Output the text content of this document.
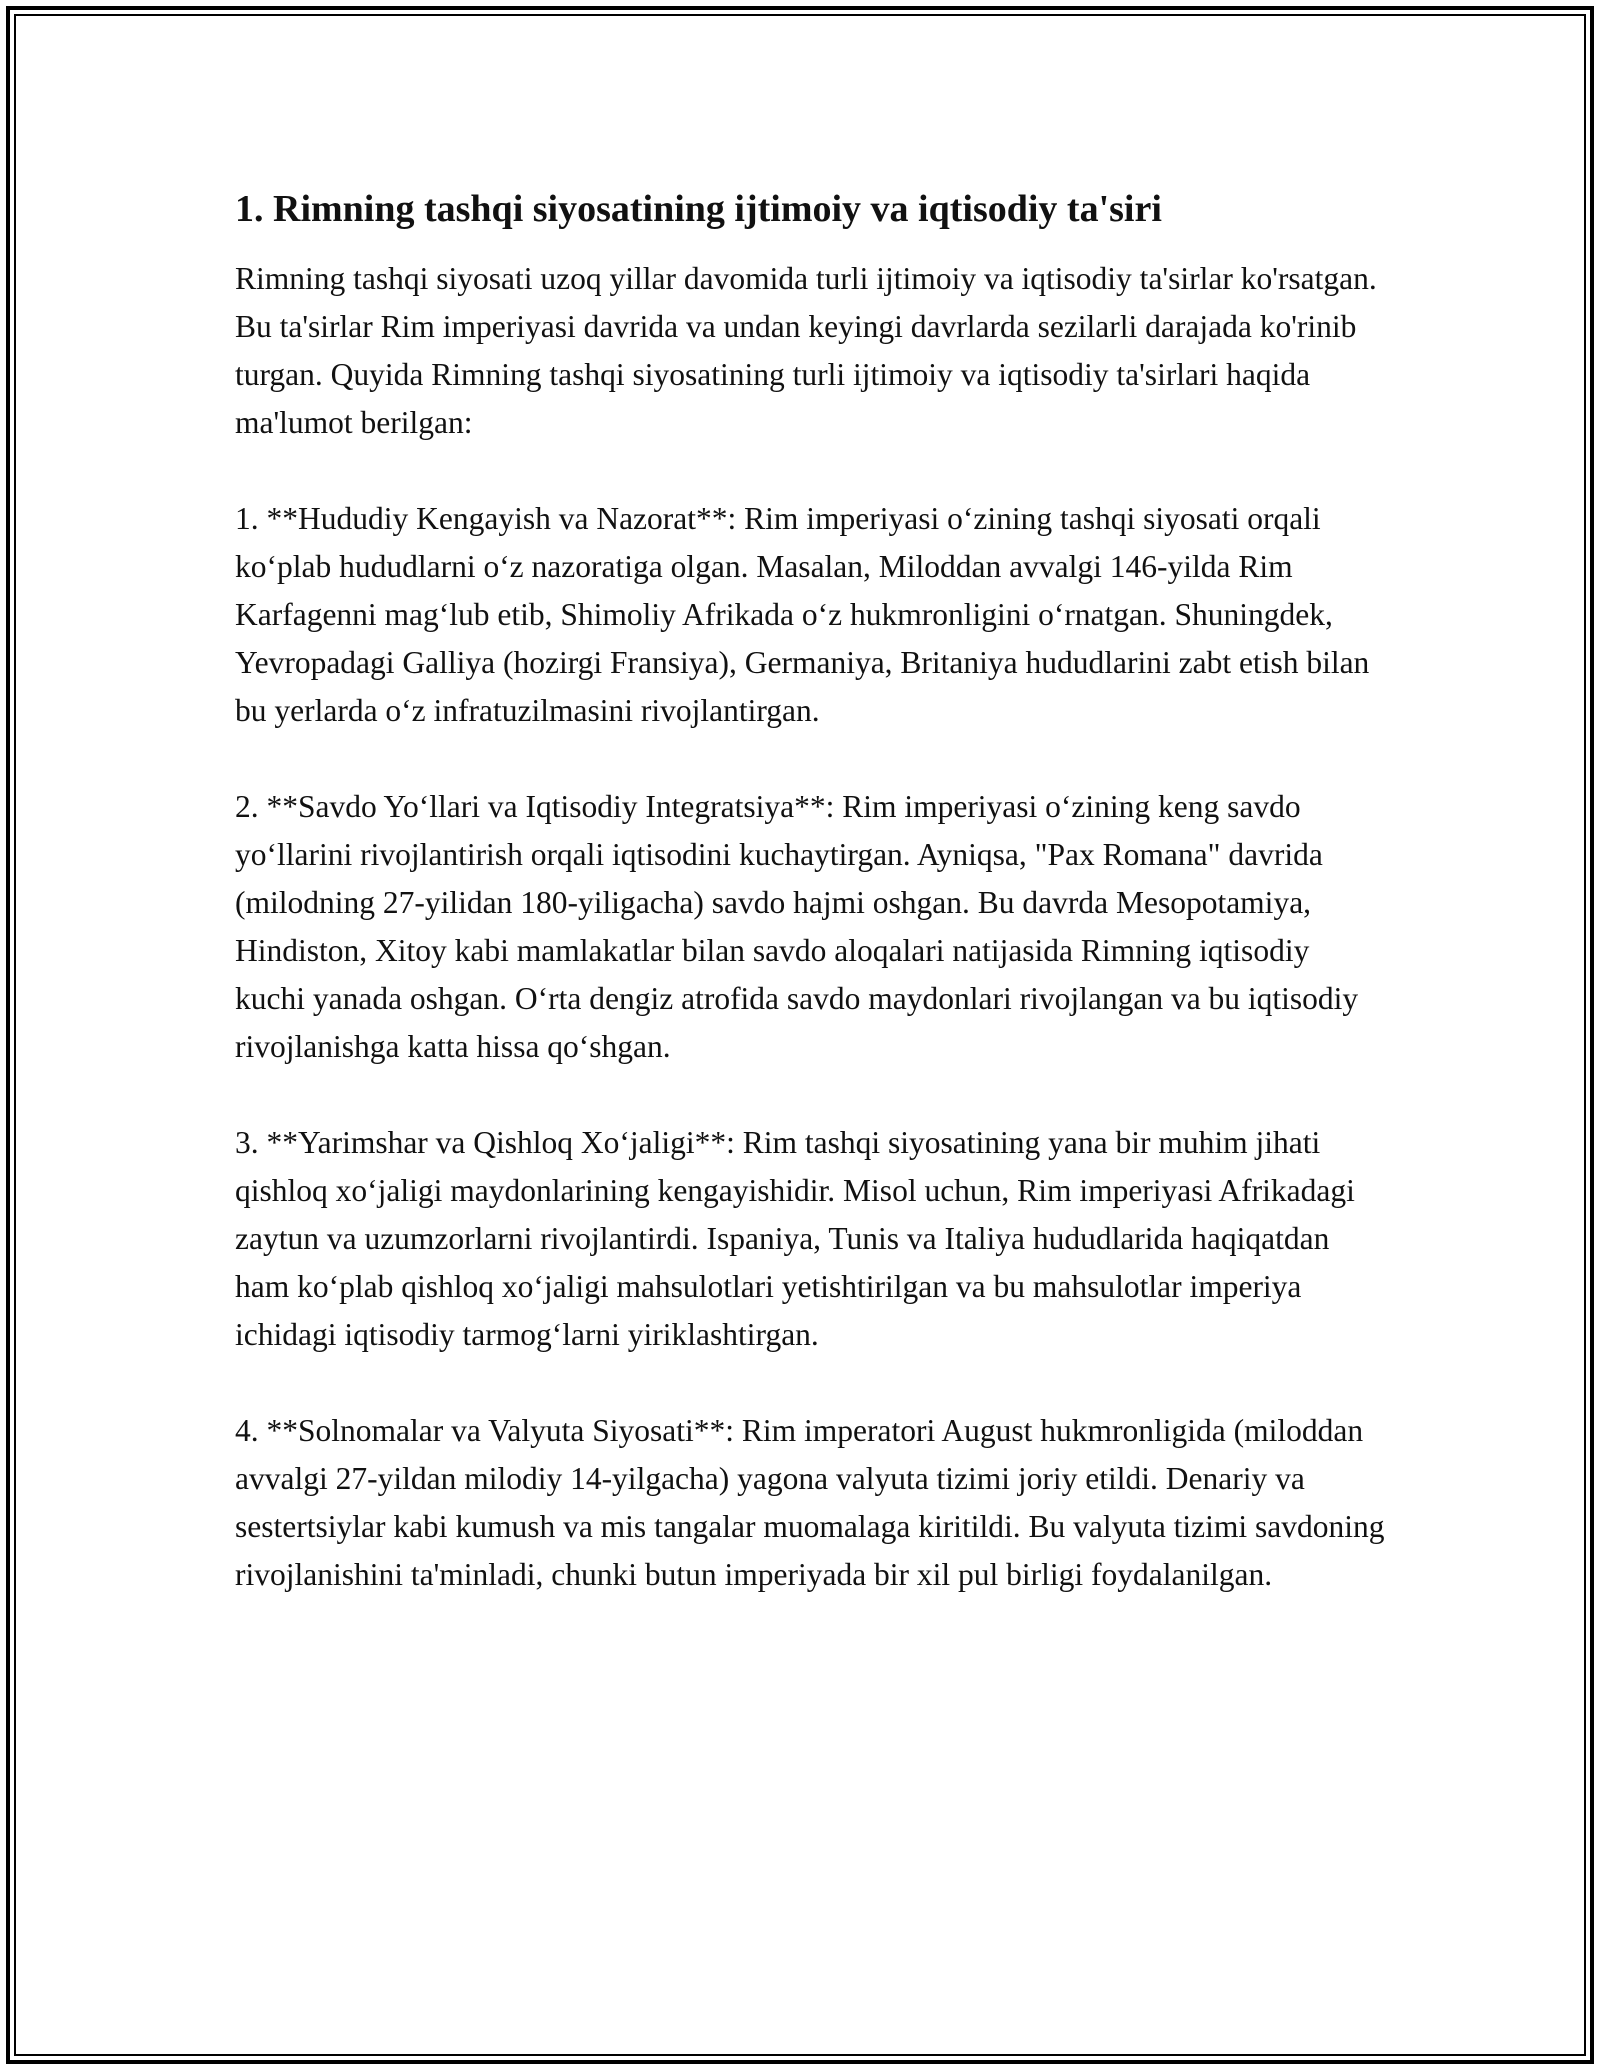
1. Rimning tashqi siyosatining ijtimoiy va iqtisodiy ta'siri

Rimning tashqi siyosati uzoq yillar davomida turli ijtimoiy va iqtisodiy ta'sirlar ko'rsatgan. Bu ta'sirlar Rim imperiyasi davrida va undan keyingi davrlarda sezilarli darajada ko'rinib turgan. Quyida Rimning tashqi siyosatining turli ijtimoiy va iqtisodiy ta'sirlari haqida ma'lumot berilgan:

1. **Hududiy Kengayish va Nazorat**: Rim imperiyasi o‘zining tashqi siyosati orqali ko‘plab hududlarni o‘z nazoratiga olgan. Masalan, Miloddan avvalgi 146-yilda Rim Karfagenni mag‘lub etib, Shimoliy Afrikada o‘z hukmronligini o‘rnatgan. Shuningdek, Yevropadagi Galliya (hozirgi Fransiya), Germaniya, Britaniya hududlarini zabt etish bilan bu yerlarda o‘z infratuzilmasini rivojlantirgan.

2. **Savdo Yo‘llari va Iqtisodiy Integratsiya**: Rim imperiyasi o‘zining keng savdo yo‘llarini rivojlantirish orqali iqtisodini kuchaytirgan. Ayniqsa, "Pax Romana" davrida (milodning 27-yilidan 180-yiligacha) savdo hajmi oshgan. Bu davrda Mesopotamiya, Hindiston, Xitoy kabi mamlakatlar bilan savdo aloqalari natijasida Rimning iqtisodiy kuchi yanada oshgan. O‘rta dengiz atrofida savdo maydonlari rivojlangan va bu iqtisodiy rivojlanishga katta hissa qo‘shgan.

3. **Yarimshar va Qishloq Xo‘jaligi**: Rim tashqi siyosatining yana bir muhim jihati qishloq xo‘jaligi maydonlarining kengayishidir. Misol uchun, Rim imperiyasi Afrikadagi zaytun va uzumzorlarni rivojlantirdi. Ispaniya, Tunis va Italiya hududlarida haqiqatdan ham ko‘plab qishloq xo‘jaligi mahsulotlari yetishtirilgan va bu mahsulotlar imperiya ichidagi iqtisodiy tarmog‘larni yiriklashtirgan.

4. **Solnomalar va Valyuta Siyosati**: Rim imperatori August hukmronligida (miloddan avvalgi 27-yildan milodiy 14-yilgacha) yagona valyuta tizimi joriy etildi. Denariy va sestertsiylar kabi kumush va mis tangalar muomalaga kiritildi. Bu valyuta tizimi savdoning rivojlanishini ta'minladi, chunki butun imperiyada bir xil pul birligi foydalanilgan.
